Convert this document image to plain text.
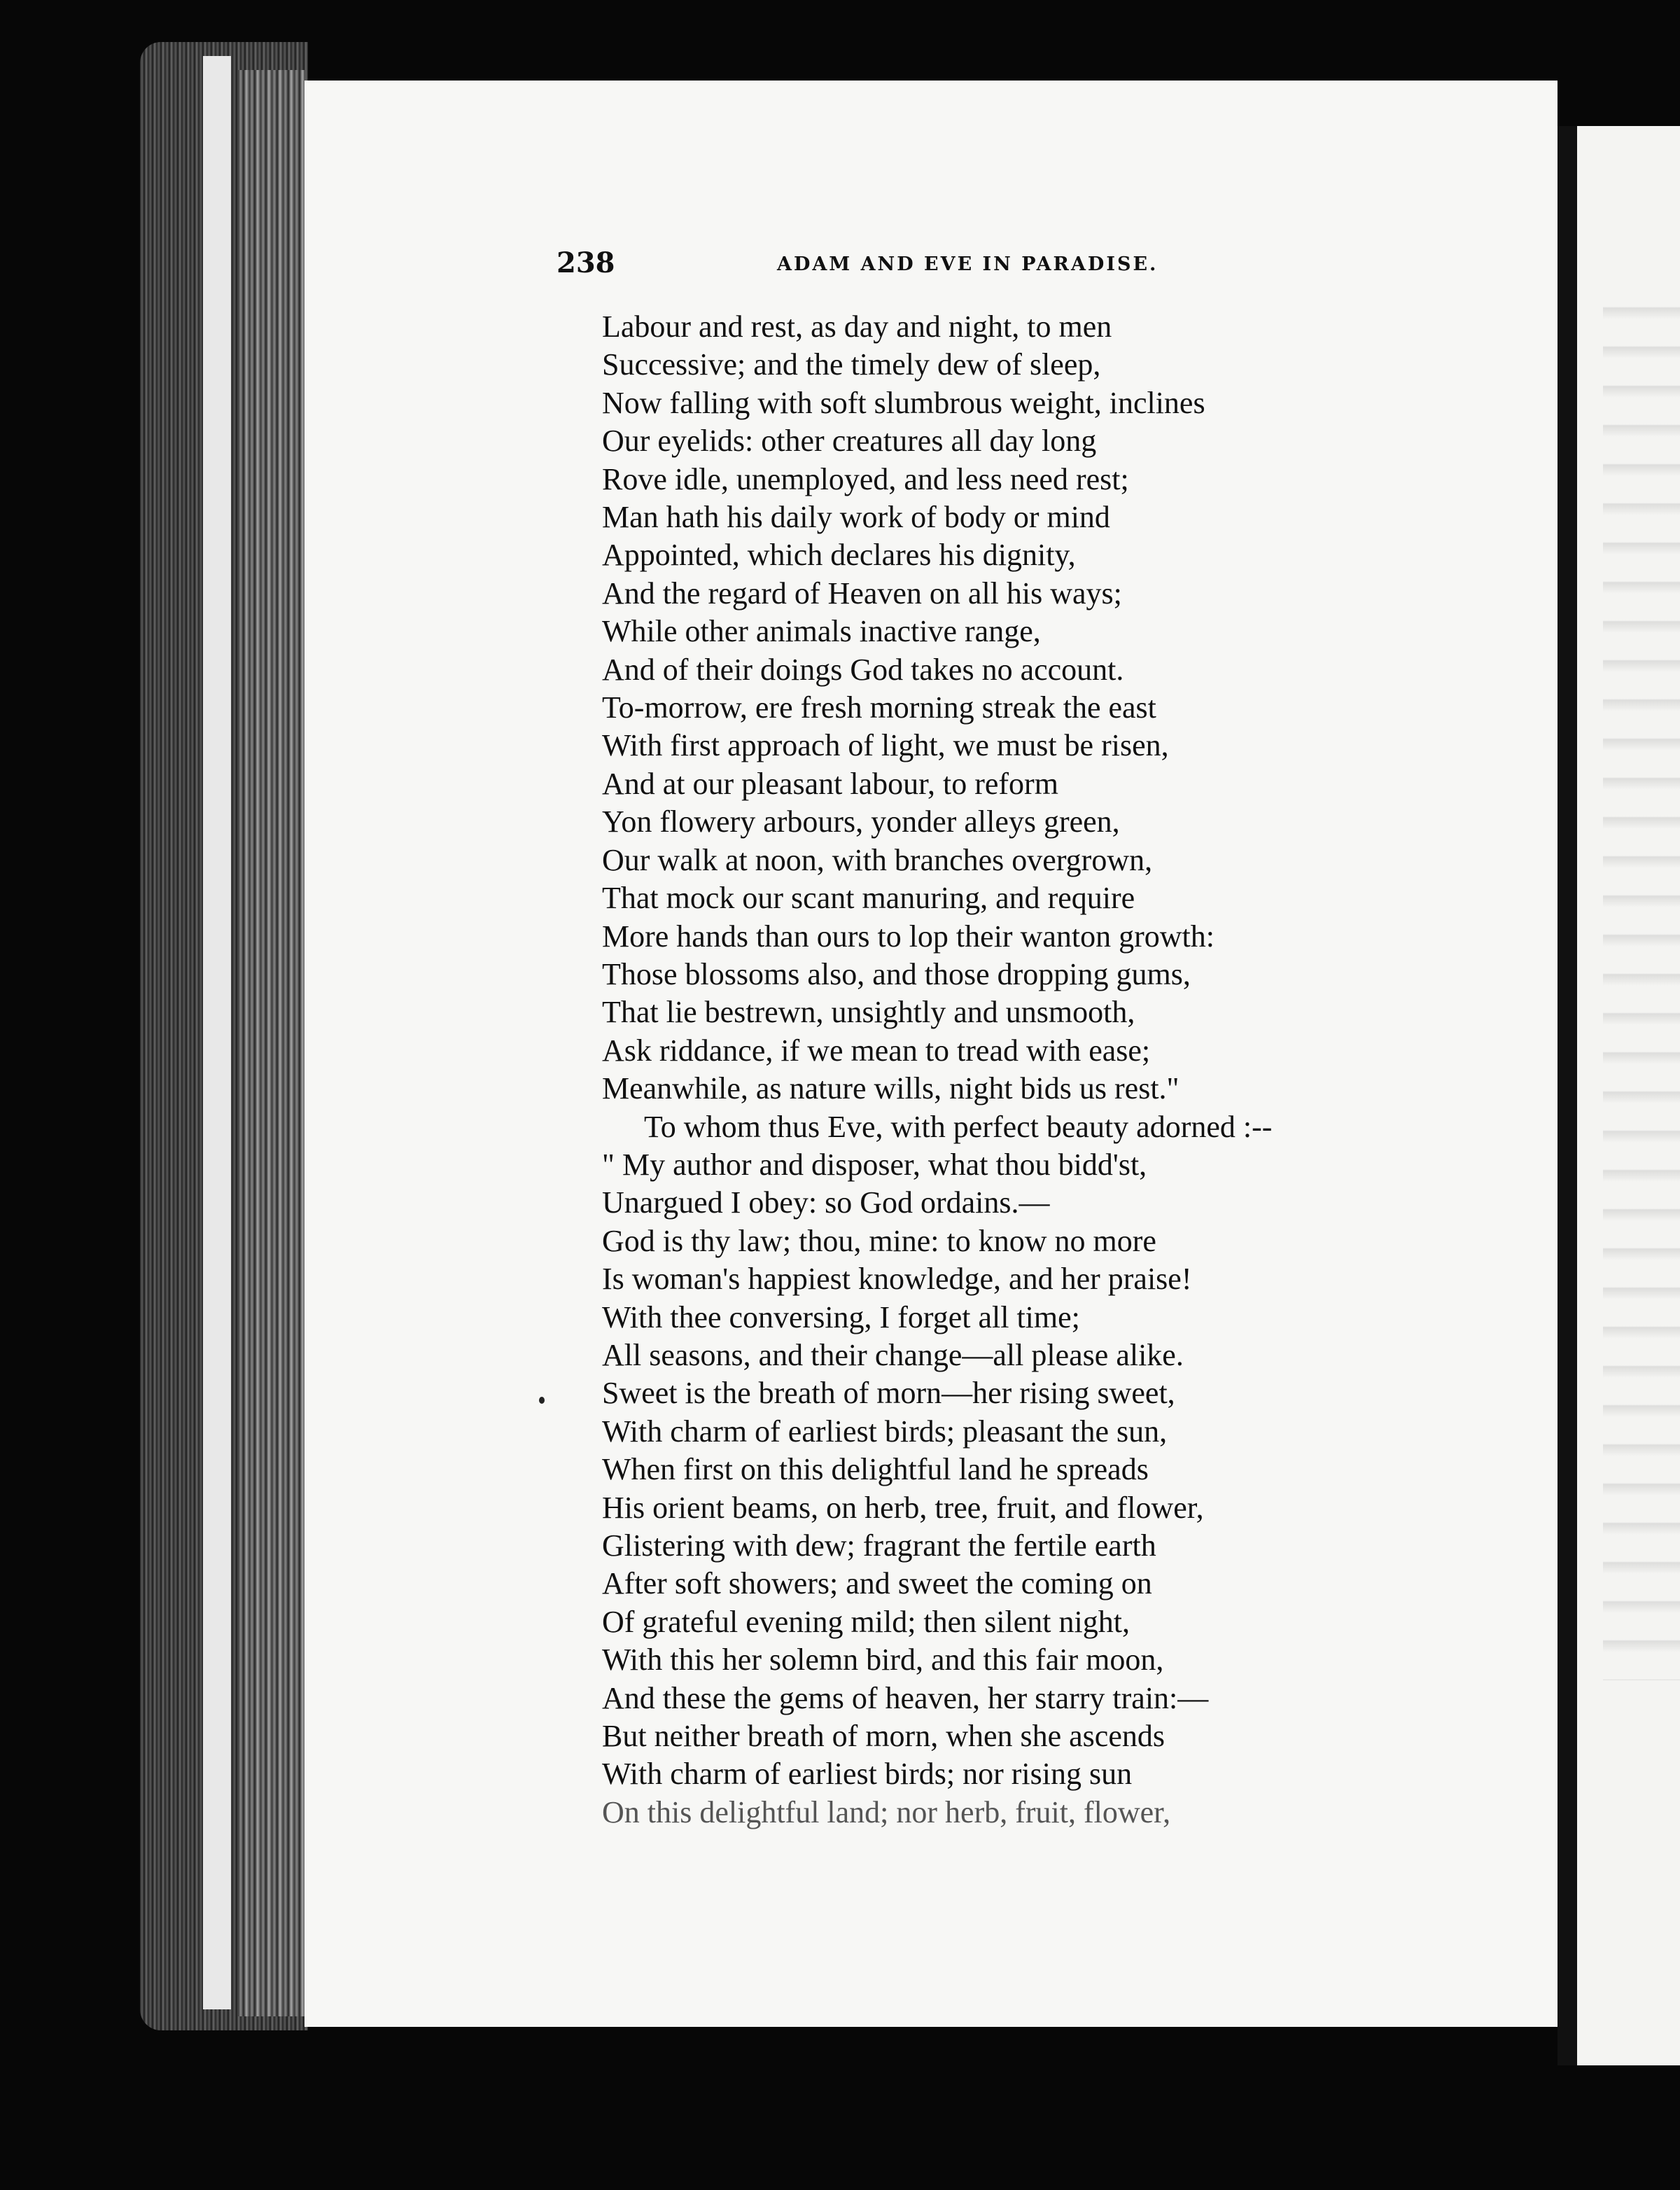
238	ADAM AND EVE IN PARADISE.
Labour and rest, as day and night, to men
Successive; and the timely dew of sleep,
Now falling with soft slumbrous weight, inclines
Our eyelids: other creatures all day long
Rove idle, unemployed, and less need rest;
Man hath his daily work of body or mind
Appointed, which declares his dignity,
And the regard of Heaven on all his ways;
While other animals inactive range,
And of their doings God takes no account.
To-morrow, ere fresh morning streak the east
With first approach of light, we must be risen,
And at our pleasant labour, to reform
Yon flowery arbours, yonder alleys green,
Our walk at noon, with branches overgrown,
That mock our scant manuring, and require
More hands than ours to lop their wanton growth:
Those blossoms also, and those dropping gums,
That lie bestrewn, unsightly and unsmooth,
Ask riddance, if we mean to tread with ease;
Meanwhile, as nature wills, night bids us rest."
To whom thus Eve, with perfect beauty adorned :--
" My author and disposer, what thou bidd'st,
Unargued I obey: so God ordains.—
God is thy law; thou, mine: to know no more
Is woman's happiest knowledge, and her praise!
With thee conversing, I forget all time;
All seasons, and their change—all please alike.
Sweet is the breath of morn—her rising sweet,
With charm of earliest birds; pleasant the sun,
When first on this delightful land he spreads
His orient beams, on herb, tree, fruit, and flower,
Glistering with dew; fragrant the fertile earth
After soft showers; and sweet the coming on
Of grateful evening mild; then silent night,
With this her solemn bird, and this fair moon,
And these the gems of heaven, her starry train:—
But neither breath of morn, when she ascends
With charm of earliest birds; nor rising sun
On this delightful land; nor herb, fruit, flower,
